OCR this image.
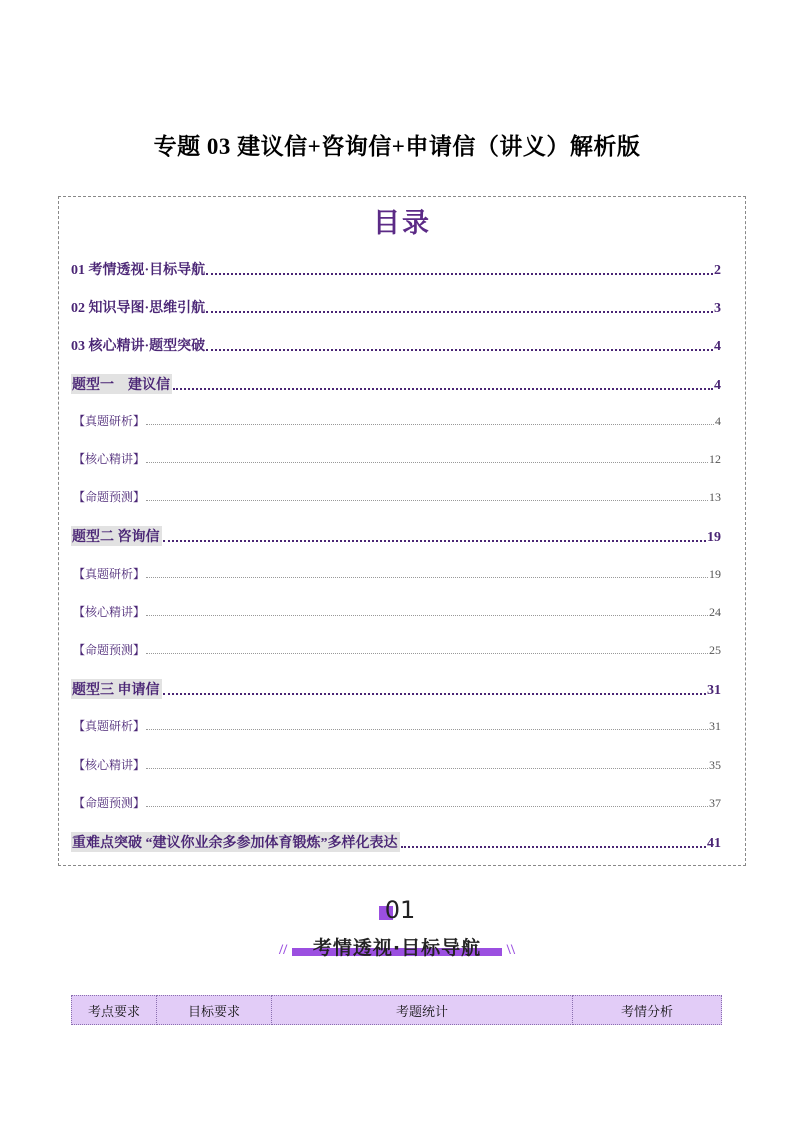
专题 03 建议信+咨询信+申请信（讲义）解析版
目录
01 考情透视·目标导航	2
02 知识导图·思维引航	3
03 核心精讲·题型突破	4
题型一　建议信	4
【真题研析】	4
【核心精讲】	12
【命题预测】	13
题型二 咨询信	19
【真题研析】	19
【核心精讲】	24
【命题预测】	25
题型三 申请信	31
【真题研析】	31
【核心精讲】	35
【命题预测】	37
重难点突破 “建议你业余多参加体育锻炼”多样化表达	41
01
//	\\
考情透视·目标导航
考点要求	目标要求	考题统计	考情分析
